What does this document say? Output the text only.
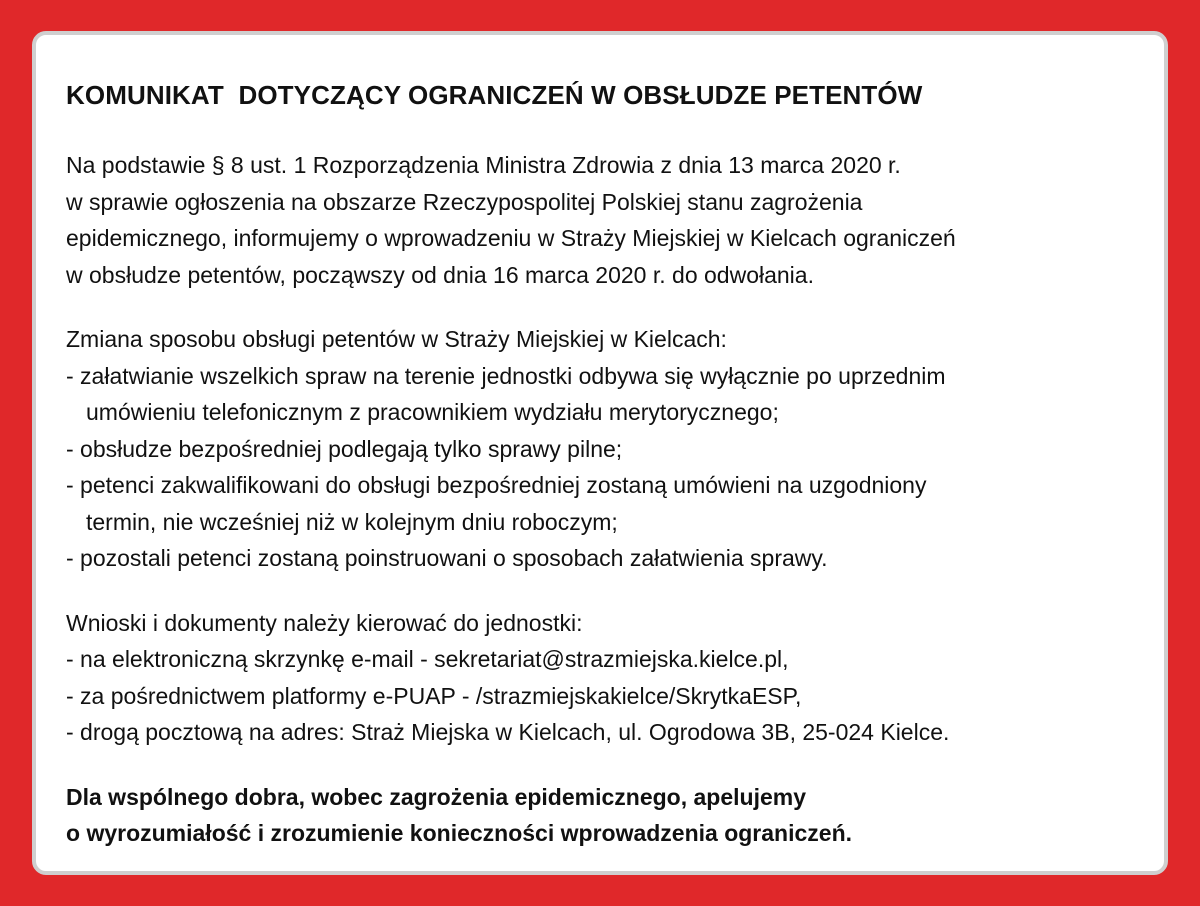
KOMUNIKAT  DOTYCZĄCY OGRANICZEŃ W OBSŁUDZE PETENTÓW
Na podstawie § 8 ust. 1 Rozporządzenia Ministra Zdrowia z dnia 13 marca 2020 r.
w sprawie ogłoszenia na obszarze Rzeczypospolitej Polskiej stanu zagrożenia
epidemicznego, informujemy o wprowadzeniu w Straży Miejskiej w Kielcach ograniczeń
w obsłudze petentów, począwszy od dnia 16 marca 2020 r. do odwołania.
Zmiana sposobu obsługi petentów w Straży Miejskiej w Kielcach:
- załatwianie wszelkich spraw na terenie jednostki odbywa się wyłącznie po uprzednim
umówieniu telefonicznym z pracownikiem wydziału merytorycznego;
- obsłudze bezpośredniej podlegają tylko sprawy pilne;
- petenci zakwalifikowani do obsługi bezpośredniej zostaną umówieni na uzgodniony
termin, nie wcześniej niż w kolejnym dniu roboczym;
- pozostali petenci zostaną poinstruowani o sposobach załatwienia sprawy.
Wnioski i dokumenty należy kierować do jednostki:
- na elektroniczną skrzynkę e-mail - sekretariat@strazmiejska.kielce.pl,
- za pośrednictwem platformy e-PUAP - /strazmiejskakielce/SkrytkaESP,
- drogą pocztową na adres: Straż Miejska w Kielcach, ul. Ogrodowa 3B, 25-024 Kielce.
Dla wspólnego dobra, wobec zagrożenia epidemicznego, apelujemy
o wyrozumiałość i zrozumienie konieczności wprowadzenia ograniczeń.
